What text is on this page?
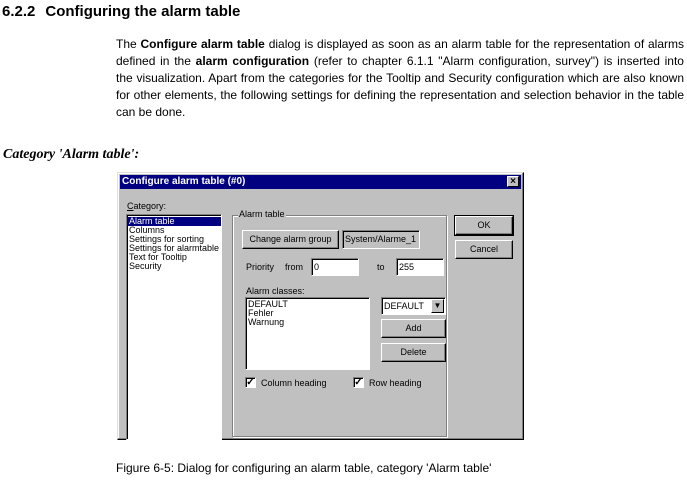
6.2.2 Configuring the alarm table

The Configure alarm table dialog is displayed as soon as an alarm table for the representation of alarms defined in the alarm configuration (refer to chapter 6.1.1 "Alarm configuration, survey") is inserted into the visualization. Apart from the categories for the Tooltip and Security configuration which are also known for other elements, the following settings for defining the representation and selection behavior in the table can be done.

Category 'Alarm table':
Configure alarm table (#0)	×
Category:
Alarm table
Columns
Settings for sorting
Settings for alarmtable
Text for Tooltip
Security
Alarm table
Change alarm group	System/Alarme_1
Priority from	0	to	255
Alarm classes:
DEFAULT
Fehler
Warnung
DEFAULT	▼
Add
Delete
✓ Column heading	✓ Row heading
OK
Cancel
Figure 6-5: Dialog for configuring an alarm table, category 'Alarm table'
